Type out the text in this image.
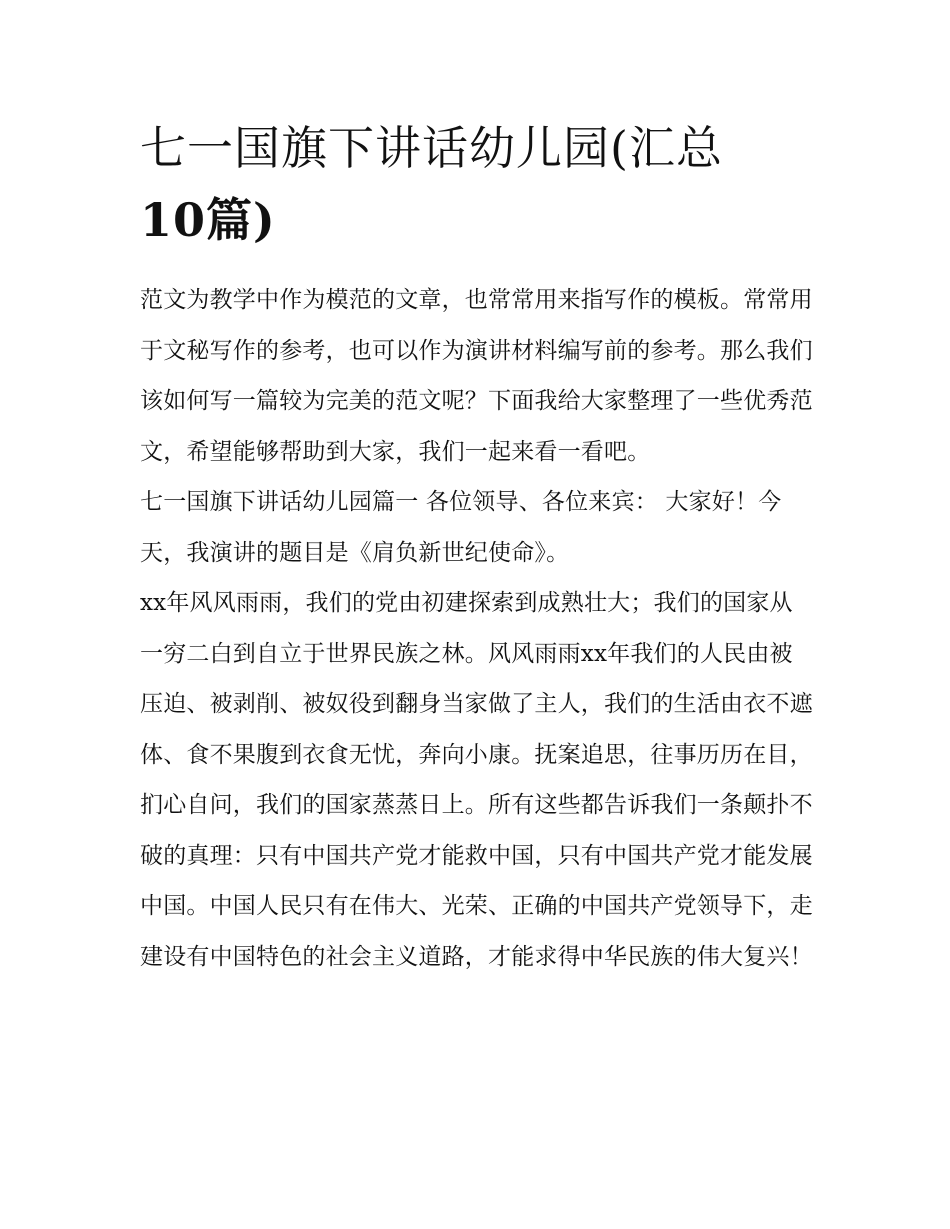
七一国旗下讲话幼儿园(汇总
10篇)

范文为教学中作为模范的文章，也常常用来指写作的模板。常常用于文秘写作的参考，也可以作为演讲材料编写前的参考。那么我们该如何写一篇较为完美的范文呢？下面我给大家整理了一些优秀范文，希望能够帮助到大家，我们一起来看一看吧。

七一国旗下讲话幼儿园篇一 各位领导、各位来宾： 大家好！今天，我演讲的题目是《肩负新世纪使命》。

xx年风风雨雨，我们的党由初建探索到成熟壮大；我们的国家从一穷二白到自立于世界民族之林。风风雨雨xx年我们的人民由被压迫、被剥削、被奴役到翻身当家做了主人，我们的生活由衣不遮体、食不果腹到衣食无忧，奔向小康。抚案追思，往事历历在目，扪心自问，我们的国家蒸蒸日上。所有这些都告诉我们一条颠扑不破的真理：只有中国共产党才能救中国，只有中国共产党才能发展中国。中国人民只有在伟大、光荣、正确的中国共产党领导下，走建设有中国特色的社会主义道路，才能求得中华民族的伟大复兴！
